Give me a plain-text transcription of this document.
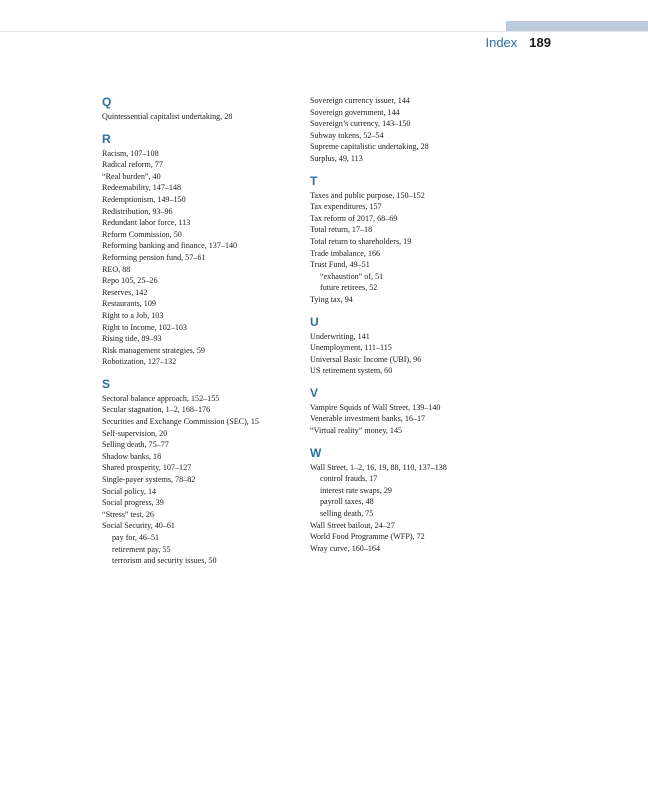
Index 189
Q
Quintessential capitalist undertaking, 28
R
Racism, 107–108
Radical reform, 77
“Real burden”, 40
Redeemability, 147–148
Redemptionism, 149–150
Redistribution, 93–96
Redundant labor force, 113
Reform Commission, 50
Reforming banking and finance, 137–140
Reforming pension fund, 57–61
REO, 88
Repo 105, 25–26
Reserves, 142
Restaurants, 109
Right to a Job, 103
Right to Income, 102–103
Rising tide, 89–93
Risk management strategies, 59
Robotization, 127–132
S
Sectoral balance approach, 152–155
Secular stagnation, 1–2, 168–176
Securities and Exchange Commission (SEC), 15
Self-supervision, 20
Selling death, 75–77
Shadow banks, 18
Shared prosperity, 107–127
Single-payer systems, 78–82
Social policy, 14
Social progress, 39
“Stress” test, 26
Social Security, 40–61
pay for, 46–51
retirement pay, 55
terrorism and security issues, 50
Sovereign currency issuer, 144
Sovereign government, 144
Sovereign’s currency, 143–150
Subway tokens, 52–54
Supreme capitalistic undertaking, 28
Surplus, 49, 113
T
Taxes and public purpose, 150–152
Tax expenditures, 157
Tax reform of 2017, 68–69
Total return, 17–18
Total return to shareholders, 19
Trade imbalance, 166
Trust Fund, 49–51
“exhaustion” of, 51
future retirees, 52
Tying tax, 94
U
Underwriting, 141
Unemployment, 111–115
Universal Basic Income (UBI), 96
US retirement system, 60
V
Vampire Squids of Wall Street, 139–140
Venerable investment banks, 16–17
“Virtual reality” money, 145
W
Wall Street, 1–2, 16, 19, 88, 110, 137–138
control frauds, 17
interest rate swaps, 29
payroll taxes, 48
selling death, 75
Wall Street bailout, 24–27
World Food Programme (WFP), 72
Wray curve, 160–164
